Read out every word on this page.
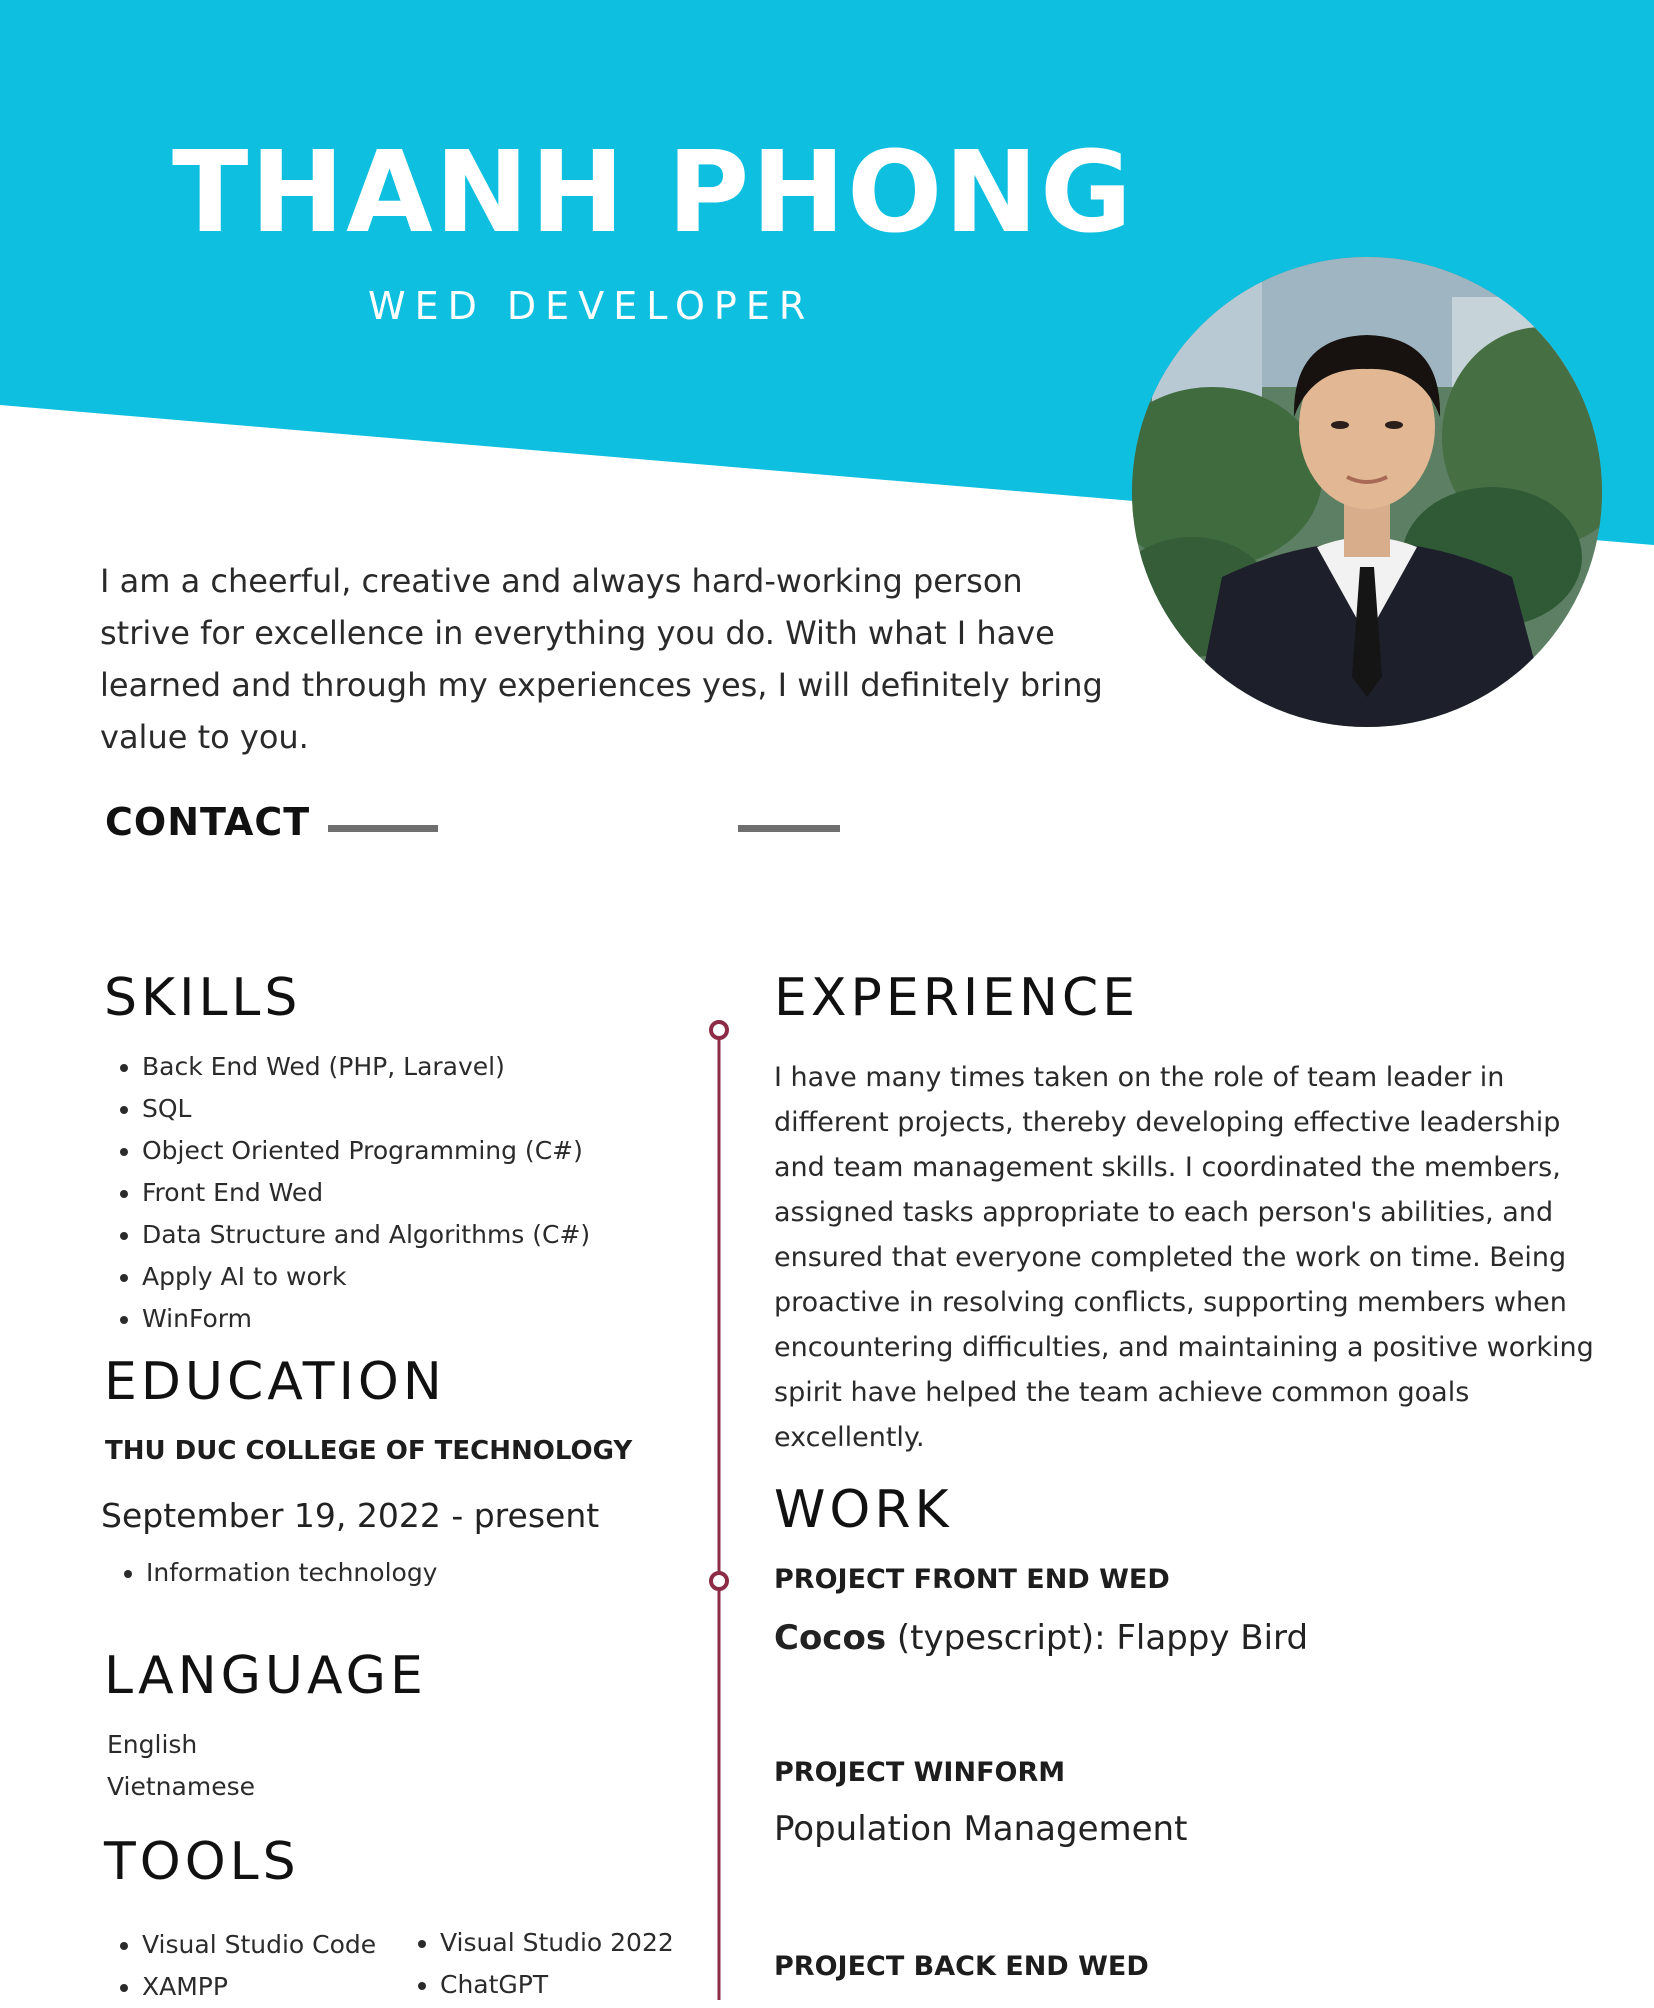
THANH PHONG

WED DEVELOPER

I am a cheerful, creative and always hard-working person strive for excellence in everything you do. With what I have learned and through my experiences yes, I will definitely bring value to you.

CONTACT
SKILLS
• Back End Wed (PHP, Laravel)
• SQL
• Object Oriented Programming (C#)
• Front End Wed
• Data Structure and Algorithms (C#)
• Apply AI to work
• WinForm
EDUCATION

THU DUC COLLEGE OF TECHNOLOGY

September 19, 2022 - present

• Information technology
LANGUAGE
English
Vietnamese
TOOLS
• Visual Studio Code
• XAMPP
• Visual Studio 2022
• ChatGPT
EXPERIENCE

I have many times taken on the role of team leader in different projects, thereby developing effective leadership and team management skills. I coordinated the members, assigned tasks appropriate to each person's abilities, and ensured that everyone completed the work on time. Being proactive in resolving conflicts, supporting members when encountering difficulties, and maintaining a positive working spirit have helped the team achieve common goals excellently.

WORK

PROJECT FRONT END WED

Cocos (typescript): Flappy Bird

PROJECT WINFORM

Population Management

PROJECT BACK END WED
